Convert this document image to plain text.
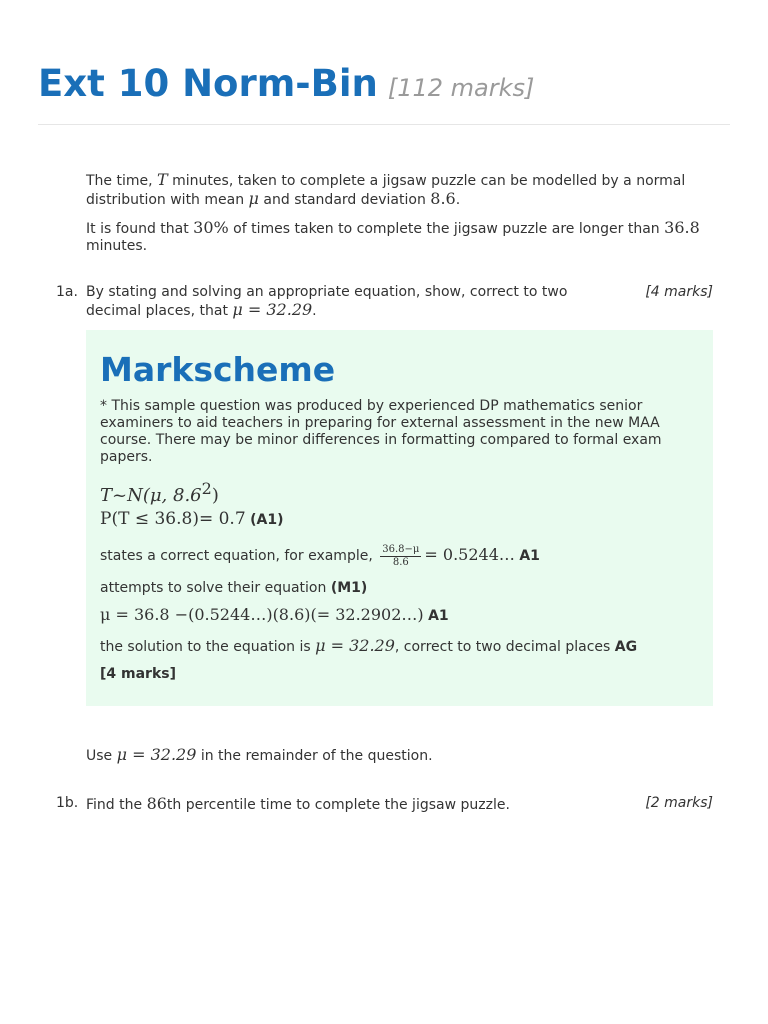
Ext 10 Norm-Bin [112 marks]
The time, T minutes, taken to complete a jigsaw puzzle can be modelled by a normal distribution with mean μ and standard deviation 8.6.
It is found that 30% of times taken to complete the jigsaw puzzle are longer than 36.8 minutes.
1a. By stating and solving an appropriate equation, show, correct to two decimal places, that μ = 32.29.
[4 marks]
Markscheme
* This sample question was produced by experienced DP mathematics senior examiners to aid teachers in preparing for external assessment in the new MAA course. There may be minor differences in formatting compared to formal exam papers.
T~N(μ, $8.6^2$)
P(T ≤ 36.8)= 0.7 (A1)
states a correct equation, for example, $\frac{36.8-\mu}{8.6}$ = 0.5244… A1
attempts to solve their equation (M1)
μ = 36.8 −(0.5244…)(8.6)(= 32.2902…) A1
the solution to the equation is μ = 32.29, correct to two decimal places AG
[4 marks]
Use μ = 32.29 in the remainder of the question.
1b. Find the 86th percentile time to complete the jigsaw puzzle.	[2 marks]
